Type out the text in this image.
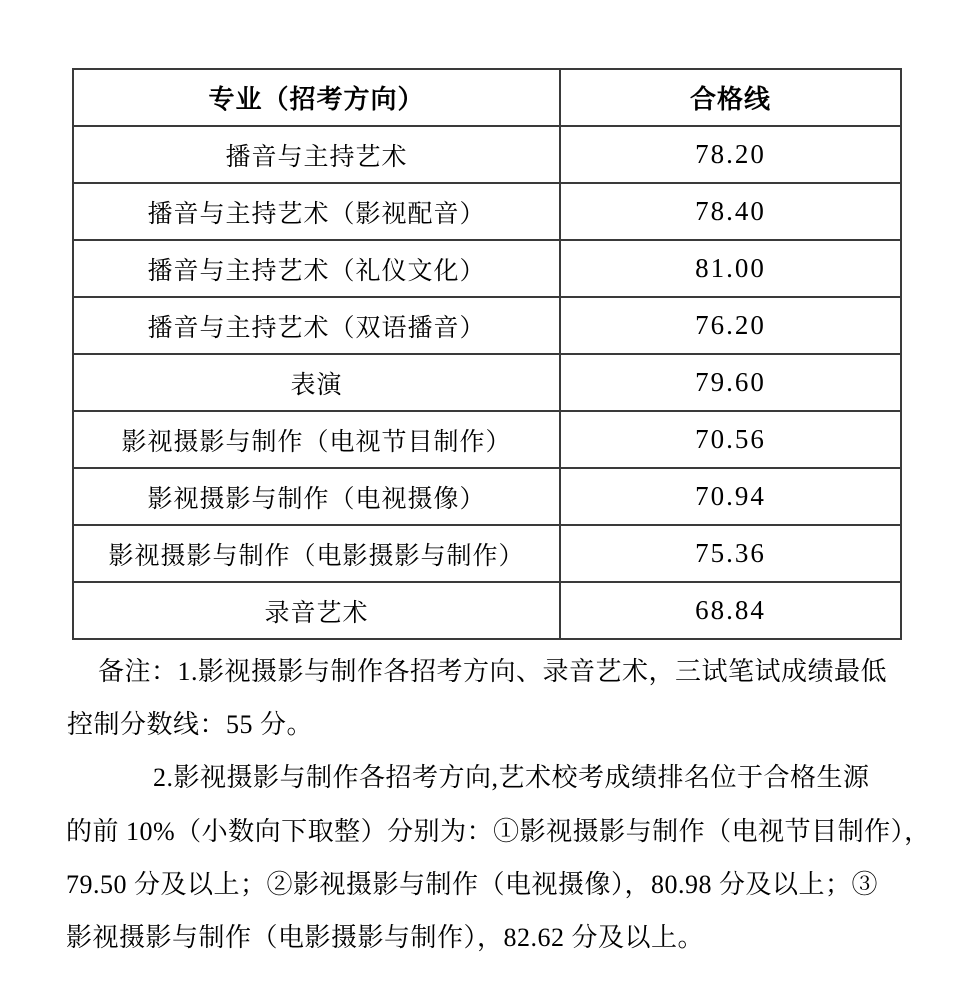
专业（招考方向）	合格线
播音与主持艺术	78.20
播音与主持艺术（影视配音）	78.40
播音与主持艺术（礼仪文化）	81.00
播音与主持艺术（双语播音）	76.20
表演	79.60
影视摄影与制作（电视节目制作）	70.56
影视摄影与制作（电视摄像）	70.94
影视摄影与制作（电影摄影与制作）	75.36
录音艺术	68.84
备注：1.影视摄影与制作各招考方向、录音艺术，三试笔试成绩最低
控制分数线：55 分。
2.影视摄影与制作各招考方向,艺术校考成绩排名位于合格生源
的前 10%（小数向下取整）分别为：①影视摄影与制作（电视节目制作），
79.50 分及以上；②影视摄影与制作（电视摄像），80.98 分及以上；③
影视摄影与制作（电影摄影与制作），82.62 分及以上。
